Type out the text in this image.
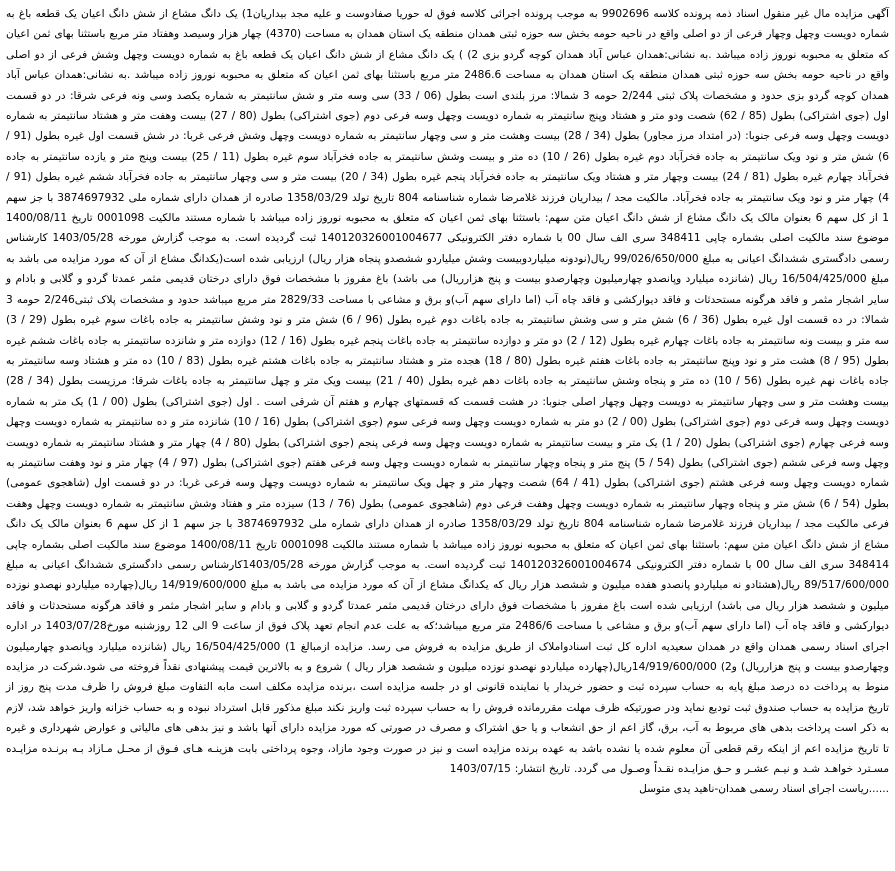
آگهی مزایده مال غیر منقول اسناد ذمه پرونده کلاسه 9902696 به موجب پرونده اجرائی کلاسه فوق له حوریا صفادوست و علیه مجد بیداریان1) یک دانگ مشاع از شش دانگ اعیان یک قطعه باغ به شماره دویست وچهل وچهار فرعی از دو اصلی واقع در ناحیه حومه بخش سه حوزه ثبتی همدان منطقه یک استان همدان به مساحت (4370) چهار هزار وسیصد وهفتاد متر مربع باستثنا بهای ثمن اعیان که متعلق به محبوبه نوروز زاده میباشد .به نشانی:همدان عباس آباد همدان کوچه گردو بزی 2) ) یک دانگ مشاع از شش دانگ اعیان یک قطعه باغ به شماره دویست وچهل وشش فرعی از دو اصلی واقع در ناحیه حومه بخش سه حوزه ثبتی همدان منطقه یک استان همدان به مساحت 2486.6 متر مربع باستثنا بهای ثمن اعیان که متعلق به محبوبه نوروز زاده میباشد .به نشانی:همدان عباس آباد همدان کوچه گردو بزی حدود و مشخصات پلاک ثبتی 2/244 حومه 3 شمالا: مرز بلندی است بطول (06 / 33) سی وسه متر و شش سانتیمتر به شماره یکصد وسی ونه فرعی شرقا: در دو قسمت اول (جوی اشتراکی) بطول (85 / 62) شصت ودو متر و هشتاد وپنج سانتیمتر به شماره دویست وچهل وسه فرعی دوم (جوی اشتراکی) بطول (80 / 27) بیست وهفت متر و هشتاد سانتیمتر به شماره دویست وچهل وسه فرعی جنوبا: (در امتداد مرز مجاور) بطول (34 / 28) بیست وهشت متر و سی وچهار سانتیمتر به شماره دویست وچهل وشش فرعی غربا: در شش قسمت اول غیره بطول (91 / 6) شش متر و نود ویک سانتیمتر به جاده فخرآباد دوم غیره بطول (26 / 10) ده متر و بیست وشش سانتیمتر به جاده فخرآباد سوم غیره بطول (11 / 25) بیست وپنج متر و یازده سانتیمتر به جاده فخرآباد چهارم غیره بطول (81 / 24) بیست وچهار متر و هشتاد ویک سانتیمتر به جاده فخرآباد پنجم غیره بطول (34 / 20) بیست متر و سی وچهار سانتیمتر به جاده فخرآباد ششم غیره بطول (91 / 4) چهار متر و نود ویک سانتیمتر به جاده فخرآباد. مالکیت مجد / بیداریان فرزند غلامرضا شماره شناسنامه 804 تاریخ تولد 1358/03/29 صادره از همدان دارای شماره ملی 3874697932 با جز سهم 1 از کل سهم 6 بعنوان مالک یک دانگ مشاع از شش دانگ اعیان متن سهم: باستثنا بهای ثمن اعیان که متعلق به محبوبه نوروز زاده میباشد با شماره مستند مالکیت 0001098 تاریخ 1400/08/11 موضوع سند مالکیت اصلی بشماره چاپی 348411 سری الف سال 00 با شماره دفتر الکترونیکی 140120326001004677 ثبت گردیده است. به موجب گزارش مورخه 1403/05/28 کارشناس رسمی دادگستری ششدانگ اعیانی به مبلغ 99/026/650/000 ریال(نودونه میلیاردوبیست وشش میلیاردو ششصدو پنجاه هزار ریال) ارزیابی شده است(یکدانگ مشاع از آن که مورد مزایده می باشد به مبلغ 16/504/425/000 ریال (شانزده میلیارد وپانصدو چهارمیلیون وچهارصدو بیست و پنج هزارریال) می باشد) باغ مفروز با مشخصات فوق دارای درختان قدیمی مثمر عمدتا گردو و گلابی و بادام و سایر اشجار مثمر و فاقد هرگونه مستحدثات و فاقد دیوارکشی و فاقد چاه آب (اما دارای سهم آب)و برق و مشاعی با مساحت 2829/33 متر مربع میباشد حدود و مشخصات پلاک ثبتی2/246 حومه 3 شمالا: در ده قسمت اول غیره بطول (36 / 6) شش متر و سی وشش سانتیمتر به جاده باغات دوم غیره بطول (96 / 6) شش متر و نود وشش سانتیمتر به جاده باغات سوم غیره بطول (29 / 3) سه متر و بیست ونه سانتیمتر به جاده باغات چهارم غیره بطول (12 / 2) دو متر و دوازده سانتیمتر به جاده باغات پنجم غیره بطول (16 / 12) دوازده متر و شانزده سانتیمتر به جاده باغات ششم غیره بطول (95 / 8) هشت متر و نود وپنج سانتیمتر به جاده باغات هفتم غیره بطول (80 / 18) هجده متر و هشتاد سانتیمتر به جاده باغات هشتم غیره بطول (83 / 10) ده متر و هشتاد وسه سانتیمتر به جاده باغات نهم غیره بطول (56 / 10) ده متر و پنجاه وشش سانتیمتر به جاده باغات دهم غیره بطول (40 / 21) بیست ویک متر و چهل سانتیمتر به جاده باغات شرقا: مرزیست بطول (34 / 28) بیست وهشت متر و سی وچهار سانتیمتر به دویست وچهل وچهار اصلی جنوبا: در هشت قسمت که قسمتهای چهارم و هفتم آن شرقی است . اول (جوی اشتراکی) بطول (00 / 1) یک متر به شماره دویست وچهل وسه فرعی دوم (جوی اشتراکی) بطول (00 / 2) دو متر به شماره دویست وچهل وسه فرعی سوم (جوی اشتراکی) بطول (16 / 10) شانزده متر و ده سانتیمتر به شماره دویست وچهل وسه فرعی چهارم (جوی اشتراکی) بطول (20 / 1) یک متر و بیست سانتیمتر به شماره دویست وچهل وسه فرعی پنجم (جوی اشتراکی) بطول (80 / 4) چهار متر و هشتاد سانتیمتر به شماره دویست وچهل وسه فرعی ششم (جوی اشتراکی) بطول (54 / 5) پنج متر و پنجاه وچهار سانتیمتر به شماره دویست وچهل وسه فرعی هفتم (جوی اشتراکی) بطول (97 / 4) چهار متر و نود وهفت سانتیمتر به شماره دویست وچهل وسه فرعی هشتم (جوی اشتراکی) بطول (41 / 64) شصت وچهار متر و چهل ویک سانتیمتر به شماره دویست وچهل وسه فرعی غربا: در دو قسمت اول (شاهجوی عمومی) بطول (54 / 6) شش متر و پنجاه وچهار سانتیمتر به شماره دویست وچهل وهفت فرعی دوم (شاهجوی عمومی) بطول (76 / 13) سیزده متر و هفتاد وشش سانتیمتر به شماره دویست وچهل وهفت فرعی مالکیت مجد / بیداریان فرزند غلامرضا شماره شناسنامه 804 تاریخ تولد 1358/03/29 صادره از همدان دارای شماره ملی 3874697932 با جز سهم 1 از کل سهم 6 بعنوان مالک یک دانگ مشاع از شش دانگ اعیان متن سهم: باستثنا بهای ثمن اعیان که متعلق به محبوبه نوروز زاده میباشد با شماره مستند مالکیت 0001098 تاریخ 1400/08/11 موضوع سند مالکیت اصلی بشماره چاپی 348414 سری الف سال 00 با شماره دفتر الکترونیکی 140120326001004674 ثبت گردیده است. به موجب گزارش مورخه 1403/05/28کارشناس رسمی دادگستری ششدانگ اعیانی به مبلغ 89/517/600/000 ریال(هشتادو نه میلیاردو پانصدو هفده میلیون و ششصد هزار ریال که یکدانگ مشاع از آن که مورد مزایده می باشد به مبلغ 14/919/600/000 ریال(چهارده میلیاردو نهصدو نوزده میلیون و ششصد هزار ریال می باشد) ارزیابی شده است باغ مفروز با مشخصات فوق دارای درختان قدیمی مثمر عمدتا گردو و گلابی و بادام و سایر اشجار مثمر و فاقد هرگونه مستحدثات و فاقد دیوارکشی و فاقد چاه آب (اما دارای سهم آب)و برق و مشاعی با مساحت 2486/6 متر مربع میباشد؛که به علت عدم انجام تعهد پلاک فوق از ساعت 9 الی 12 روزشنبه مورخ1403/07/28 در اداره اجرای اسناد رسمی همدان واقع در همدان سعیدیه اداره کل ثبت اسنادواملاک از طریق مزایده به فروش می رسد. مزایده ازمبالغ 1) 16/504/425/000 ریال (شانزده میلیارد وپانصدو چهارمیلیون وچهارصدو بیست و پنج هزارریال) و2) 14/919/600/000ریال(چهارده میلیاردو نهصدو نوزده میلیون و ششصد هزار ریال ) شروع و به بالاترین قیمت پیشنهادی نقداً فروخته می شود.شرکت در مزایده منوط به پرداخت ده درصد مبلغ پایه به حساب سپرده ثبت و حضور خریدار یا نماینده قانونی او در جلسه مزایده است ،برنده مزایده مکلف است مابه التفاوت مبلغ فروش را ظرف مدت پنج روز از تاریخ مزایده به حساب صندوق ثبت تودیع نماید ودر صورتیکه ظرف مهلت مقررمانده فروش را به حساب سپرده ثبت واریز نکند مبلغ مذکور قابل استرداد نبوده و به حساب خزانه واریز خواهد شد، لازم به ذکر است پرداخت بدهی های مربوط به آب، برق، گاز اعم از حق انشعاب و یا حق اشتراک و مصرف در صورتی که مورد مزایده دارای آنها باشد و نیز بدهی های مالیاتی و عوارض شهرداری و غیره تا تاریخ مزایده اعم از اینکه رقم قطعی آن معلوم شده یا نشده باشد به عهده برنده مزایده است و نیز در صورت وجود مازاد، وجوه پرداختی بابت هزینـه هـای فـوق از محـل مـازاد بـه برنـده مزایـده مسـترد خواهـد شـد و نیـم عشـر و حـق مزایـده نقـداً وصـول مى گردد. تاريخ انتشار: 1403/07/15

......رياست اجرای اسناد رسمی همدان-ناهید يدى متوسل
